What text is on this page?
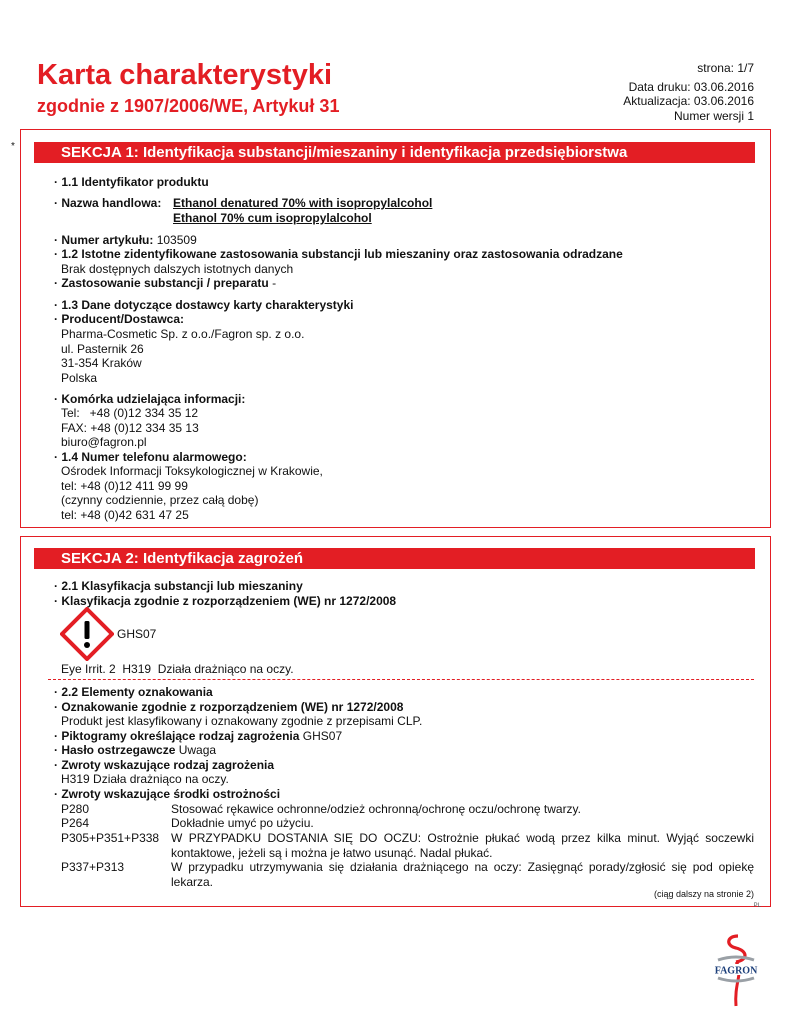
Karta charakterystyki
zgodnie z 1907/2006/WE, Artykuł 31
strona: 1/7
Data druku: 03.06.2016
Aktualizacja: 03.06.2016
Numer wersji 1
*	SEKCJA 1: Identyfikacja substancji/mieszaniny i identyfikacja przedsiębiorstwa
· 1.1 Identyfikator produktu
· Nazwa handlowa: Ethanol denatured 70% with isopropylalcohol
Ethanol 70% cum isopropylalcohol
· Numer artykułu: 103509
· 1.2 Istotne zidentyfikowane zastosowania substancji lub mieszaniny oraz zastosowania odradzane
Brak dostępnych dalszych istotnych danych
· Zastosowanie substancji / preparatu -
· 1.3 Dane dotyczące dostawcy karty charakterystyki
· Producent/Dostawca:
Pharma-Cosmetic Sp. z o.o./Fagron sp. z o.o.
ul. Pasternik 26
31-354 Kraków
Polska
· Komórka udzielająca informacji:
Tel:   +48 (0)12 334 35 12
FAX: +48 (0)12 334 35 13
biuro@fagron.pl
· 1.4 Numer telefonu alarmowego:
Ośrodek Informacji Toksykologicznej w Krakowie,
tel: +48 (0)12 411 99 99
(czynny codziennie, przez całą dobę)
tel: +48 (0)42 631 47 25
SEKCJA 2: Identyfikacja zagrożeń
· 2.1 Klasyfikacja substancji lub mieszaniny
· Klasyfikacja zgodnie z rozporządzeniem (WE) nr 1272/2008
GHS07
Eye Irrit. 2  H319  Działa drażniąco na oczy.
· 2.2 Elementy oznakowania
· Oznakowanie zgodnie z rozporządzeniem (WE) nr 1272/2008
Produkt jest klasyfikowany i oznakowany zgodnie z przepisami CLP.
· Piktogramy określające rodzaj zagrożenia GHS07
· Hasło ostrzegawcze Uwaga
· Zwroty wskazujące rodzaj zagrożenia
H319 Działa drażniąco na oczy.
· Zwroty wskazujące środki ostrożności
P280	Stosować rękawice ochronne/odzież ochronną/ochronę oczu/ochronę twarzy.
P264	Dokładnie umyć po użyciu.
P305+P351+P338 W PRZYPADKU DOSTANIA SIĘ DO OCZU: Ostrożnie płukać wodą przez kilka minut. Wyjąć soczewki kontaktowe, jeżeli są i można je łatwo usunąć. Nadal płukać.
P337+P313	W przypadku utrzymywania się działania drażniącego na oczy: Zasięgnąć porady/zgłosić się pod opiekę lekarza.
(ciąg dalszy na stronie 2)
PL
FAGRON
